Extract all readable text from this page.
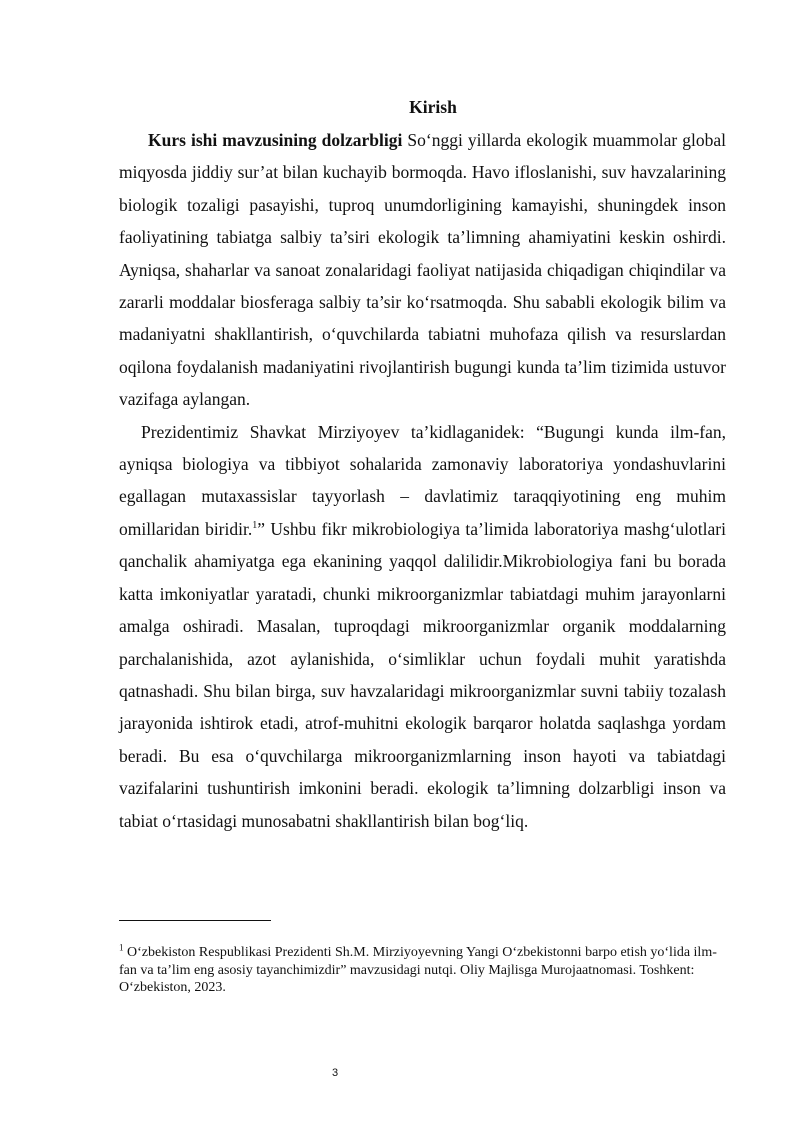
Kirish

Kurs ishi mavzusining dolzarbligi So‘nggi yillarda ekologik muammolar global miqyosda jiddiy sur’at bilan kuchayib bormoqda. Havo ifloslanishi, suv havzalarining biologik tozaligi pasayishi, tuproq unumdorligining kamayishi, shuningdek inson faoliyatining tabiatga salbiy ta’siri ekologik ta’limning ahamiyatini keskin oshirdi. Ayniqsa, shaharlar va sanoat zonalaridagi faoliyat natijasida chiqadigan chiqindilar va zararli moddalar biosferaga salbiy ta’sir ko‘rsatmoqda. Shu sababli ekologik bilim va madaniyatni shakllantirish, o‘quvchilarda tabiatni muhofaza qilish va resurslardan oqilona foydalanish madaniyatini rivojlantirish bugungi kunda ta’lim tizimida ustuvor vazifaga aylangan.

Prezidentimiz Shavkat Mirziyoyev ta’kidlaganidek: “Bugungi kunda ilm-fan, ayniqsa biologiya va tibbiyot sohalarida zamonaviy laboratoriya yondashuvlarini egallagan mutaxassislar tayyorlash – davlatimiz taraqqiyotining eng muhim omillaridan biridir.$^1$” Ushbu fikr mikrobiologiya ta’limida laboratoriya mashg‘ulotlari qanchalik ahamiyatga ega ekanining yaqqol dalilidir.Mikrobiologiya fani bu borada katta imkoniyatlar yaratadi, chunki mikroorganizmlar tabiatdagi muhim jarayonlarni amalga oshiradi. Masalan, tuproqdagi mikroorganizmlar organik moddalarning parchalanishida, azot aylanishida, o‘simliklar uchun foydali muhit yaratishda qatnashadi. Shu bilan birga, suv havzalaridagi mikroorganizmlar suvni tabiiy tozalash jarayonida ishtirok etadi, atrof-muhitni ekologik barqaror holatda saqlashga yordam beradi. Bu esa o‘quvchilarga mikroorganizmlarning inson hayoti va tabiatdagi vazifalarini tushuntirish imkonini beradi. ekologik ta’limning dolzarbligi inson va tabiat o‘rtasidagi munosabatni shakllantirish bilan bog‘liq.

$^1$ O‘zbekiston Respublikasi Prezidenti Sh.M. Mirziyoyevning Yangi O‘zbekistonni barpo etish yo‘lida ilm-fan va ta’lim eng asosiy tayanchimizdir” mavzusidagi nutqi. Oliy Majlisga Murojaatnomasi. Toshkent: O‘zbekiston, 2023.

3
